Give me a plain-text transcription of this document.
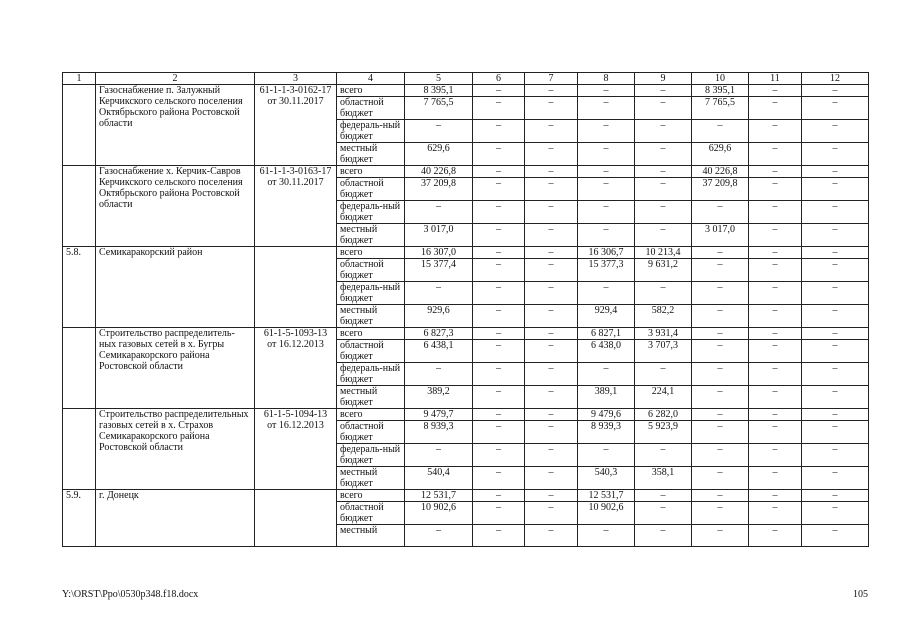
1	2	3	4	5	6	7	8	9	10	11	12
	Газоснабжение п. Залужный Керчикского сельского поселения Октябрьского района Ростовской области	61-1-1-3-0162-17 от 30.11.2017	всего	8 395,1	–	–	–	–	8 395,1	–	–
			областной бюджет	7 765,5	–	–	–	–	7 765,5	–	–
			федераль-ный бюджет	–	–	–	–	–	–	–	–
			местный бюджет	629,6	–	–	–	–	629,6	–	–
	Газоснабжение х. Керчик-Савров Керчикского сельского поселения Октябрьского района Ростовской области	61-1-1-3-0163-17 от 30.11.2017	всего	40 226,8	–	–	–	–	40 226,8	–	–
			областной бюджет	37 209,8	–	–	–	–	37 209,8	–	–
			федераль-ный бюджет	–	–	–	–	–	–	–	–
			местный бюджет	3 017,0	–	–	–	–	3 017,0	–	–
5.8.	Семикаракорский район		всего	16 307,0	–	–	16 306,7	10 213,4	–	–	–
			областной бюджет	15 377,4	–	–	15 377,3	9 631,2	–	–	–
			федераль-ный бюджет	–	–	–	–	–	–	–	–
			местный бюджет	929,6	–	–	929,4	582,2	–	–	–
	Строительство распределитель-ных газовых сетей в х. Бугры Семикаракорского района Ростовской области	61-1-5-1093-13 от 16.12.2013	всего	6 827,3	–	–	6 827,1	3 931,4	–	–	–
			областной бюджет	6 438,1	–	–	6 438,0	3 707,3	–	–	–
			федераль-ный бюджет	–	–	–	–	–	–	–	–
			местный бюджет	389,2	–	–	389,1	224,1	–	–	–
	Строительство распределительных газовых сетей в х. Страхов Семикаракорского района Ростовской области	61-1-5-1094-13 от 16.12.2013	всего	9 479,7	–	–	9 479,6	6 282,0	–	–	–
			областной бюджет	8 939,3	–	–	8 939,3	5 923,9	–	–	–
			федераль-ный бюджет	–	–	–	–	–	–	–	–
			местный бюджет	540,4	–	–	540,3	358,1	–	–	–
5.9.	г. Донецк		всего	12 531,7	–	–	12 531,7	–	–	–	–
			областной бюджет	10 902,6	–	–	10 902,6	–	–	–	–
			местный	–	–	–	–	–	–	–	–
Y:\ORST\Ppo\0530p348.f18.docx	105
